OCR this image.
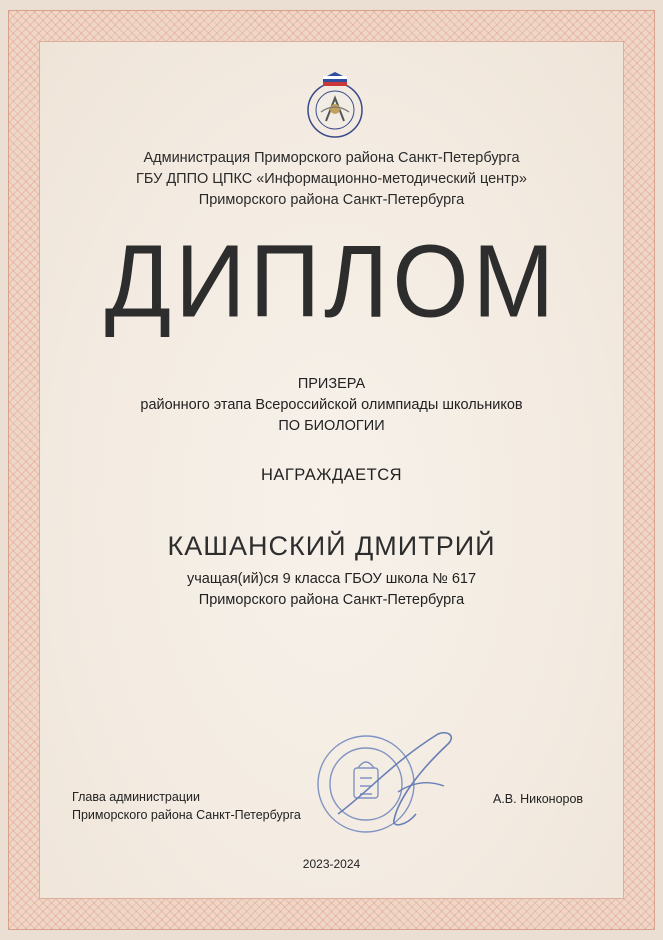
Администрация Приморского района Санкт-Петербурга
ГБУ ДППО ЦПКС «Информационно-методический центр»
Приморского района Санкт-Петербурга
ДИПЛОМ
ПРИЗЕРА
районного этапа Всероссийской олимпиады школьников
ПО БИОЛОГИИ
НАГРАЖДАЕТСЯ
КАШАНСКИЙ ДМИТРИЙ
учащая(ий)ся 9 класса ГБОУ школа № 617
Приморского района Санкт-Петербурга
Глава администрации
Приморского района Санкт-Петербурга
А.В. Никоноров
2023-2024
